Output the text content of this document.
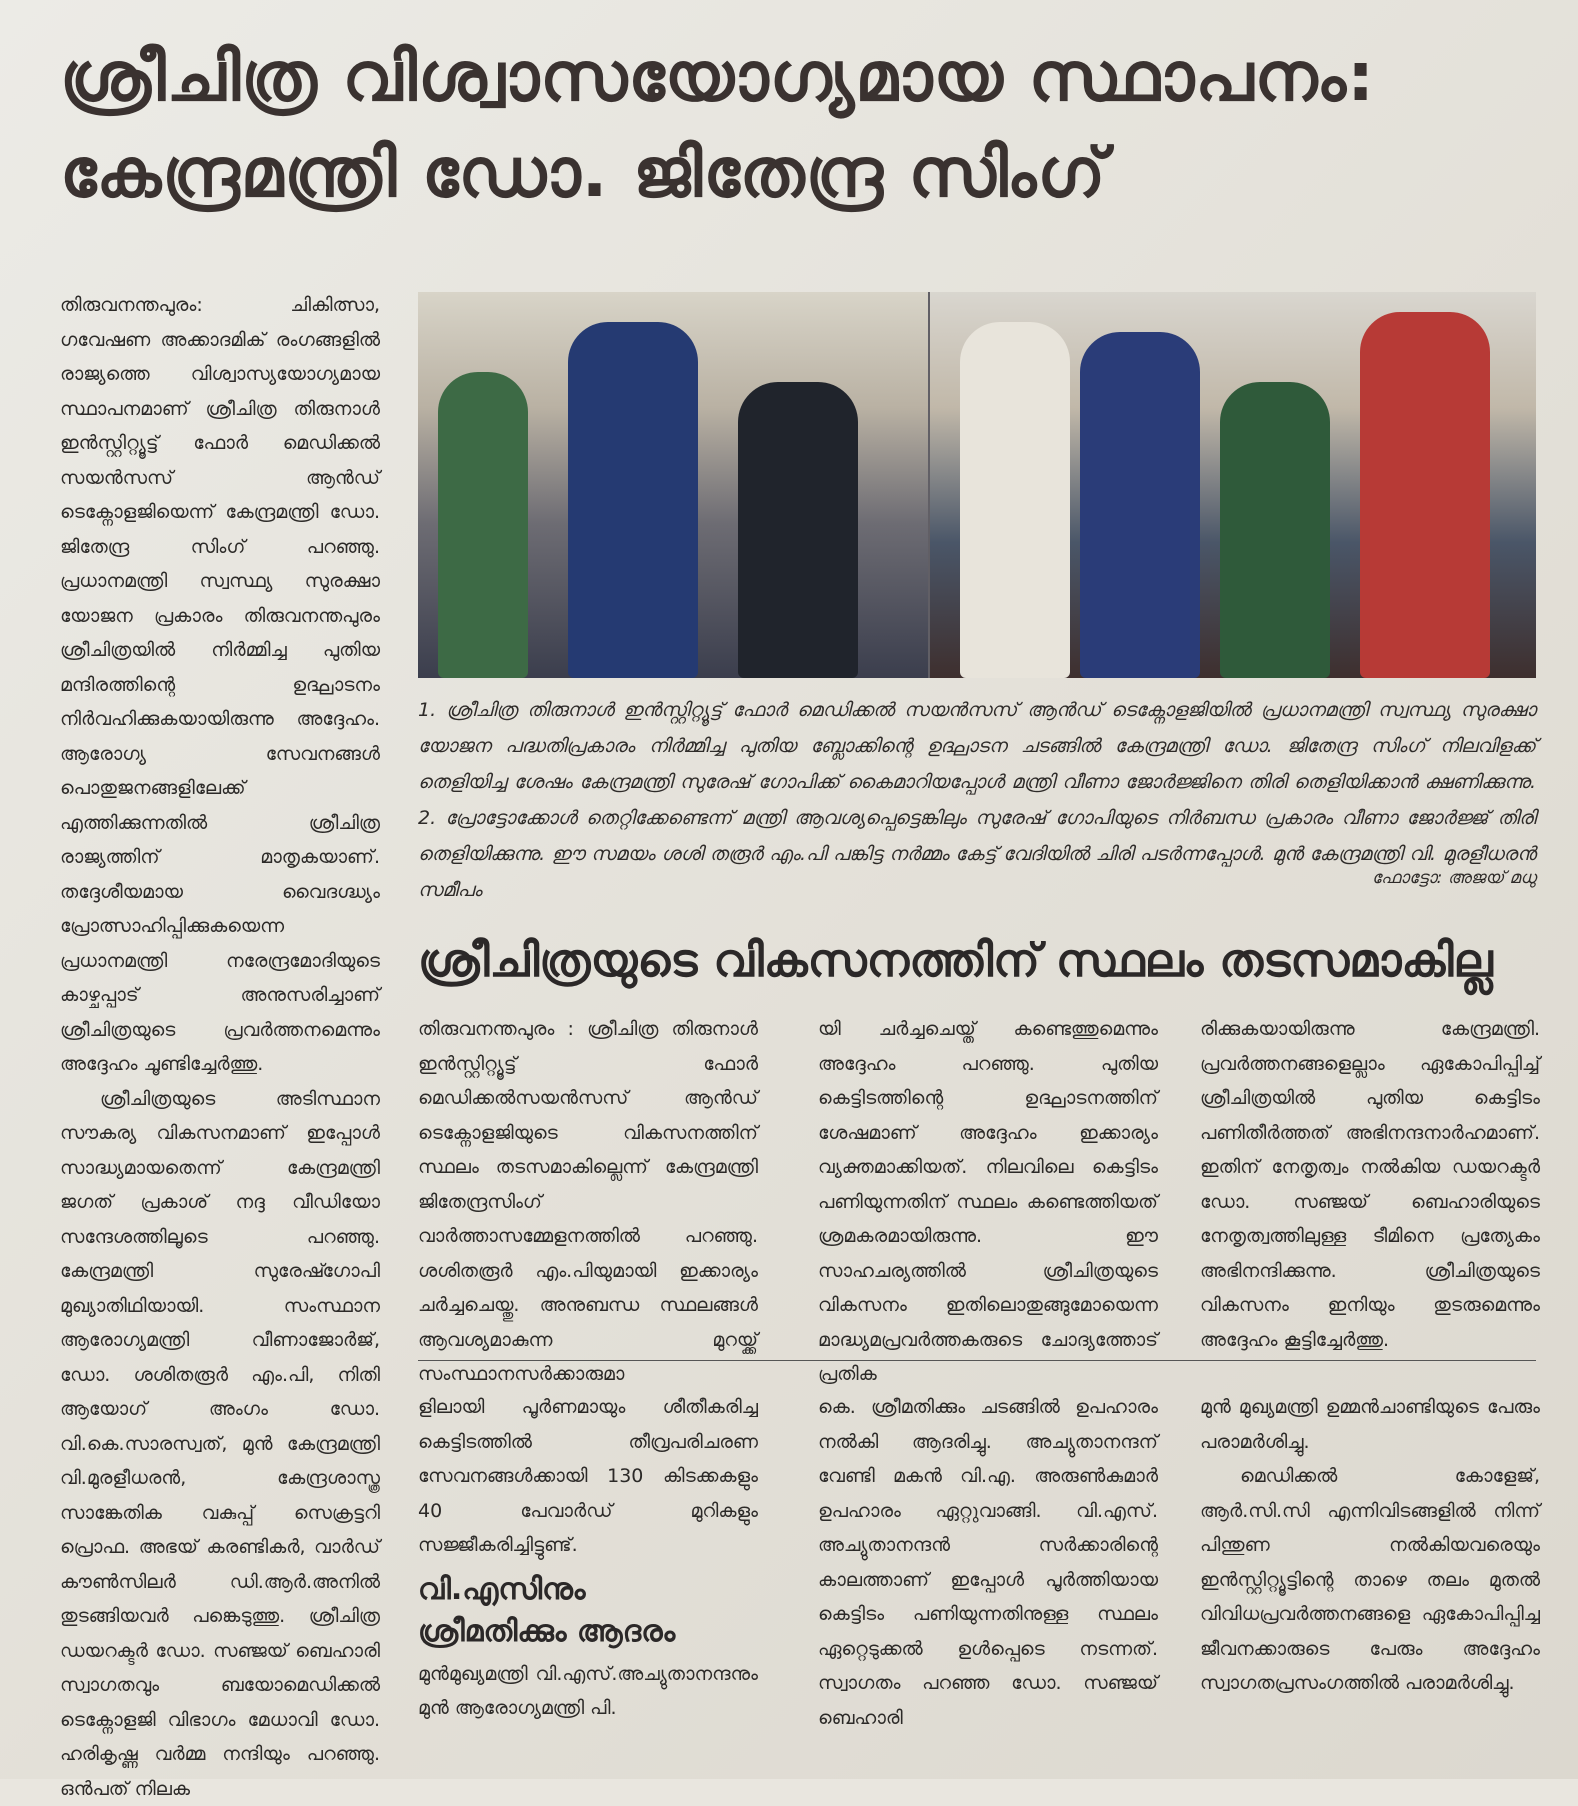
ശ്രീചിത്ര വിശ്വാസയോഗ്യമായ സ്ഥാപനം:
കേന്ദ്രമന്ത്രി ഡോ. ജിതേന്ദ്ര സിംഗ്

തിരുവനന്തപുരം: ചികിത്സാ, ഗവേഷണ അക്കാദമിക് രംഗങ്ങളിൽ രാജ്യത്തെ വിശ്വാസ്യയോഗ്യമായ സ്ഥാപനമാണ് ശ്രീചിത്ര തിരുനാൾ ഇൻസ്റ്റിറ്റ്യൂട്ട് ഫോർ മെഡിക്കൽ സയൻസസ് ആൻഡ് ടെക്നോളജിയെന്ന് കേന്ദ്രമന്ത്രി ഡോ. ജിതേന്ദ്ര സിംഗ് പറഞ്ഞു. പ്രധാനമന്ത്രി സ്വസ്ഥ്യ സുരക്ഷാ യോജന പ്രകാരം തിരുവനന്തപുരം ശ്രീചിത്രയിൽ നിർമ്മിച്ച പുതിയ മന്ദിരത്തിന്റെ ഉദ്ഘാടനം നിർവഹിക്കുകയായിരുന്നു അദ്ദേഹം. ആരോഗ്യ സേവനങ്ങൾ പൊതുജനങ്ങളിലേക്ക് എത്തിക്കുന്നതിൽ ശ്രീചിത്ര രാജ്യത്തിന് മാതൃകയാണ്. തദ്ദേശീയമായ വൈദഗ്ദ്ധ്യം പ്രോത്സാഹിപ്പിക്കുകയെന്ന പ്രധാനമന്ത്രി നരേന്ദ്രമോദിയുടെ കാഴ്ചപ്പാട് അനുസരിച്ചാണ് ശ്രീചിത്രയുടെ പ്രവർത്തനമെന്നും അദ്ദേഹം ചൂണ്ടിച്ചേർത്തു.

ശ്രീചിത്രയുടെ അടിസ്ഥാന സൗകര്യ വികസനമാണ് ഇപ്പോൾ സാദ്ധ്യമായതെന്ന് കേന്ദ്രമന്ത്രി ജഗത് പ്രകാശ് നദ്ദ വീഡിയോ സന്ദേശത്തിലൂടെ പറഞ്ഞു. കേന്ദ്രമന്ത്രി സുരേഷ്ഗോപി മുഖ്യാതിഥിയായി. സംസ്ഥാന ആരോഗ്യമന്ത്രി വീണാജോർജ്, ഡോ. ശശിതരൂർ എം.പി, നിതി ആയോഗ് അംഗം ഡോ. വി.കെ.സാരസ്വത്, മുൻ കേന്ദ്രമന്ത്രി വി.മുരളീധരൻ, കേന്ദ്രശാസ്ത്ര സാങ്കേതിക വകുപ്പ് സെക്രട്ടറി പ്രൊഫ. അഭയ് കരണ്ടികർ, വാർഡ് കൗൺസിലർ ഡി.ആർ.അനിൽ തുടങ്ങിയവർ പങ്കെടുത്തു. ശ്രീചിത്ര ഡയറക്ടർ ഡോ. സഞ്ജയ് ബെഹാരി സ്വാഗതവും ബയോമെഡിക്കൽ ടെക്നോളജി വിഭാഗം മേധാവി ഡോ. ഹരികൃഷ്ണ വർമ്മ നന്ദിയും പറഞ്ഞു. ഒൻപത് നിലക

1. ശ്രീചിത്ര തിരുനാൾ ഇൻസ്റ്റിറ്റ്യൂട്ട് ഫോർ മെഡിക്കൽ സയൻസസ് ആൻഡ് ടെക്നോളജിയിൽ പ്രധാനമന്ത്രി സ്വസ്ഥ്യ സുരക്ഷാ യോജന പദ്ധതിപ്രകാരം നിർമ്മിച്ച പുതിയ ബ്ലോക്കിന്റെ ഉദ്ഘാടന ചടങ്ങിൽ കേന്ദ്രമന്ത്രി ഡോ. ജിതേന്ദ്ര സിംഗ് നിലവിളക്ക് തെളിയിച്ച ശേഷം കേന്ദ്രമന്ത്രി സുരേഷ് ഗോപിക്ക് കൈമാറിയപ്പോൾ മന്ത്രി വീണാ ജോർജ്ജിനെ തിരി തെളിയിക്കാൻ ക്ഷണിക്കുന്നു. 2. പ്രോട്ടോക്കോൾ തെറ്റിക്കേണ്ടെന്ന് മന്ത്രി ആവശ്യപ്പെട്ടെങ്കിലും സുരേഷ് ഗോപിയുടെ നിർബന്ധ പ്രകാരം വീണാ ജോർജ്ജ് തിരി തെളിയിക്കുന്നു. ഈ സമയം ശശി തരൂർ എം.പി പങ്കിട്ട നർമ്മം കേട്ട് വേദിയിൽ ചിരി പടർന്നപ്പോൾ. മുൻ കേന്ദ്രമന്ത്രി വി. മുരളീധരൻ സമീപം
ഫോട്ടോ: അജയ് മധു
ശ്രീചിത്രയുടെ വികസനത്തിന് സ്ഥലം തടസമാകില്ല

തിരുവനന്തപുരം : ശ്രീചിത്ര തിരുനാൾ ഇൻസ്റ്റിറ്റ്യൂട്ട് ഫോർ മെഡിക്കൽസയൻസസ് ആൻഡ് ടെക്നോളജിയുടെ വികസനത്തിന് സ്ഥലം തടസമാകില്ലെന്ന് കേന്ദ്രമന്ത്രി ജിതേന്ദ്രസിംഗ് വാർത്താസമ്മേളനത്തിൽ പറഞ്ഞു. ശശിതരൂർ എം.പിയുമായി ഇക്കാര്യം ചർച്ചചെയ്തു. അനുബന്ധ സ്ഥലങ്ങൾ ആവശ്യമാകുന്ന മുറയ്ക്ക് സംസ്ഥാനസർക്കാരുമാ

യി ചർച്ചചെയ്ത് കണ്ടെത്തുമെന്നും അദ്ദേഹം പറഞ്ഞു. പുതിയ കെട്ടിടത്തിന്റെ ഉദ്ഘാടനത്തിന് ശേഷമാണ് അദ്ദേഹം ഇക്കാര്യം വ്യക്തമാക്കിയത്. നിലവിലെ കെട്ടിടം പണിയുന്നതിന് സ്ഥലം കണ്ടെത്തിയത് ശ്രമകരമായിരുന്നു. ഈ സാഹചര്യത്തിൽ ശ്രീചിത്രയുടെ വികസനം ഇതിലൊതുങ്ങുമോയെന്ന മാദ്ധ്യമപ്രവർത്തകരുടെ ചോദ്യത്തോട് പ്രതിക

രിക്കുകയായിരുന്നു കേന്ദ്രമന്ത്രി. പ്രവർത്തനങ്ങളെല്ലാം ഏകോപിപ്പിച്ച് ശ്രീചിത്രയിൽ പുതിയ കെട്ടിടം പണിതീർത്തത് അഭിനന്ദനാർഹമാണ്. ഇതിന് നേതൃത്വം നൽകിയ ഡയറക്ടർ ഡോ. സഞ്ജയ് ബെഹാരിയുടെ നേതൃത്വത്തിലുള്ള ടീമിനെ പ്രത്യേകം അഭിനന്ദിക്കുന്നു. ശ്രീചിത്രയുടെ വികസനം ഇനിയും തുടരുമെന്നും അദ്ദേഹം കൂട്ടിച്ചേർത്തു.

ളിലായി പൂർണമായും ശീതീകരിച്ച കെട്ടിടത്തിൽ തീവ്രപരിചരണ സേവനങ്ങൾക്കായി 130 കിടക്കകളും 40 പേവാർഡ് മുറികളും സജ്ജീകരിച്ചിട്ടുണ്ട്.

വി.എസിനും
ശ്രീമതിക്കും ആദരം

മുൻമുഖ്യമന്ത്രി വി.എസ്.അച്യുതാനന്ദനും മുൻ ആരോഗ്യമന്ത്രി പി.

കെ. ശ്രീമതിക്കും ചടങ്ങിൽ ഉപഹാരം നൽകി ആദരിച്ചു. അച്യുതാനന്ദന് വേണ്ടി മകൻ വി.എ. അരുൺകുമാർ ഉപഹാരം ഏറ്റുവാങ്ങി. വി.എസ്. അച്യുതാനന്ദൻ സർക്കാരിന്റെ കാലത്താണ് ഇപ്പോൾ പൂർത്തിയായ കെട്ടിടം പണിയുന്നതിനുള്ള സ്ഥലം ഏറ്റെടുക്കൽ ഉൾപ്പെടെ നടന്നത്. സ്വാഗതം പറഞ്ഞ ഡോ. സഞ്ജയ് ബെഹാരി

മുൻ മുഖ്യമന്ത്രി ഉമ്മൻചാണ്ടിയുടെ പേരും പരാമർശിച്ചു.

മെഡിക്കൽ കോളേജ്, ആർ.സി.സി എന്നിവിടങ്ങളിൽ നിന്ന് പിന്തുണ നൽകിയവരെയും ഇൻസ്റ്റിറ്റ്യൂട്ടിന്റെ താഴെ തലം മുതൽ വിവിധപ്രവർത്തനങ്ങളെ ഏകോപിപ്പിച്ച ജീവനക്കാരുടെ പേരും അദ്ദേഹം സ്വാഗതപ്രസംഗത്തിൽ പരാമർശിച്ചു.
